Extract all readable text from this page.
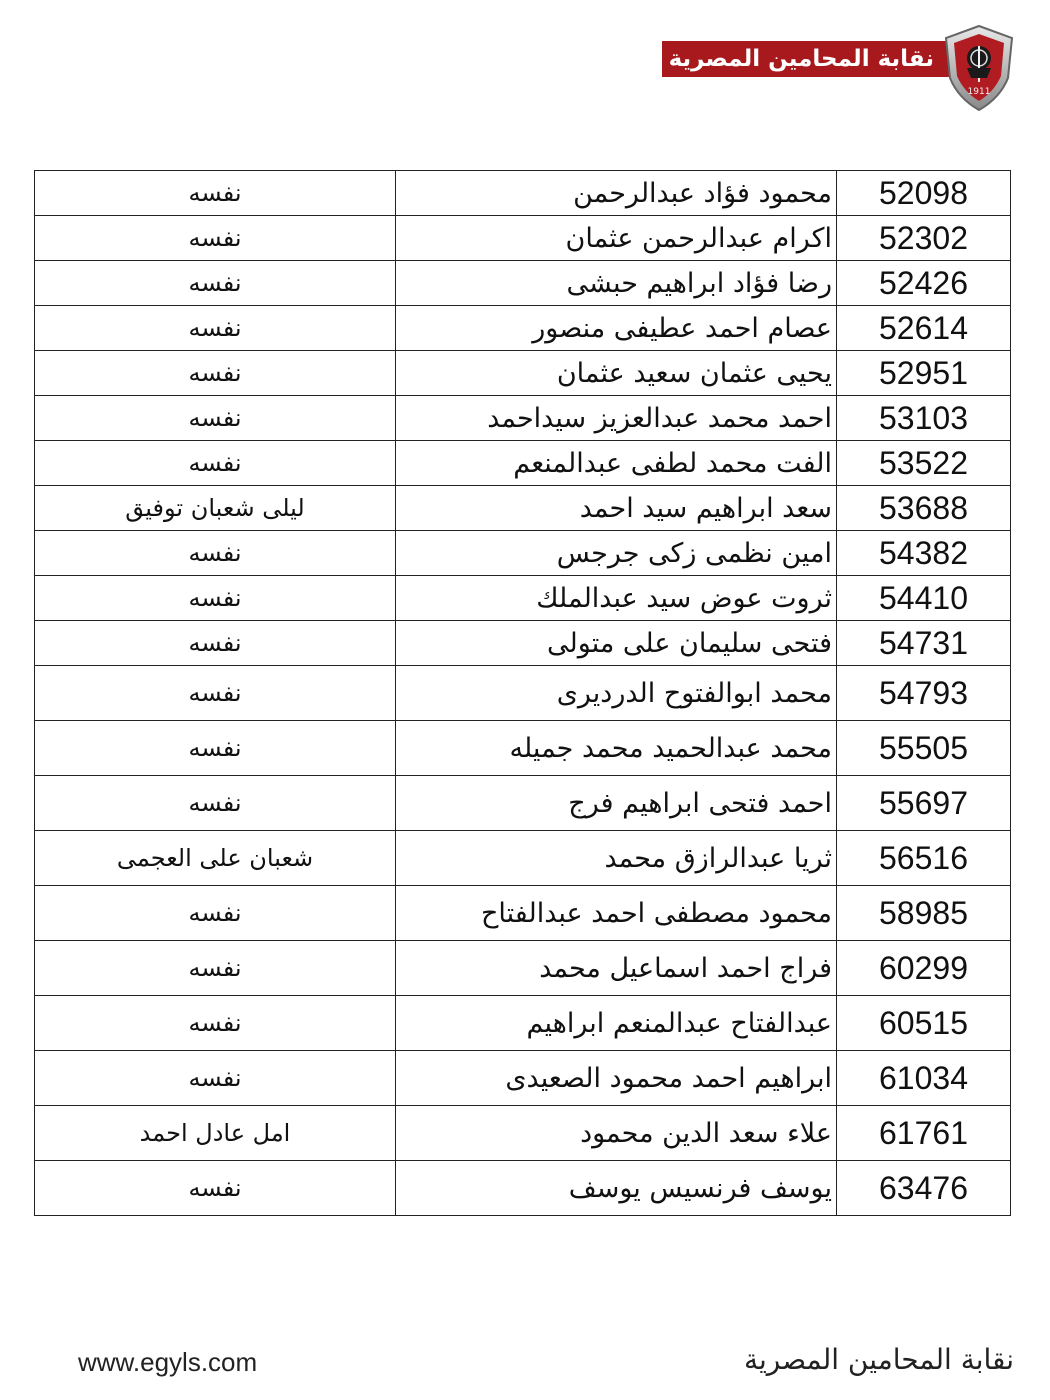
نقابة المحامين المصرية
1911
نفسه	محمود فؤاد عبدالرحمن	52098
نفسه	اكرام عبدالرحمن عثمان	52302
نفسه	رضا فؤاد ابراهيم حبشى	52426
نفسه	عصام احمد عطيفى منصور	52614
نفسه	يحيى عثمان سعيد عثمان	52951
نفسه	احمد محمد عبدالعزيز سيداحمد	53103
نفسه	الفت محمد لطفى عبدالمنعم	53522
ليلى شعبان توفيق	سعد ابراهيم سيد احمد	53688
نفسه	امين نظمى زكى جرجس	54382
نفسه	ثروت عوض سيد عبدالملك	54410
نفسه	فتحى سليمان على متولى	54731
نفسه	محمد ابوالفتوح الدرديرى	54793
نفسه	محمد عبدالحميد محمد جميله	55505
نفسه	احمد فتحى ابراهيم فرج	55697
شعبان على العجمى	ثريا عبدالرازق محمد	56516
نفسه	محمود مصطفى احمد عبدالفتاح	58985
نفسه	فراج احمد اسماعيل محمد	60299
نفسه	عبدالفتاح عبدالمنعم ابراهيم	60515
نفسه	ابراهيم احمد محمود الصعيدى	61034
امل عادل احمد	علاء سعد الدين محمود	61761
نفسه	يوسف فرنسيس يوسف	63476
www.egyls.com	نقابة المحامين المصرية
